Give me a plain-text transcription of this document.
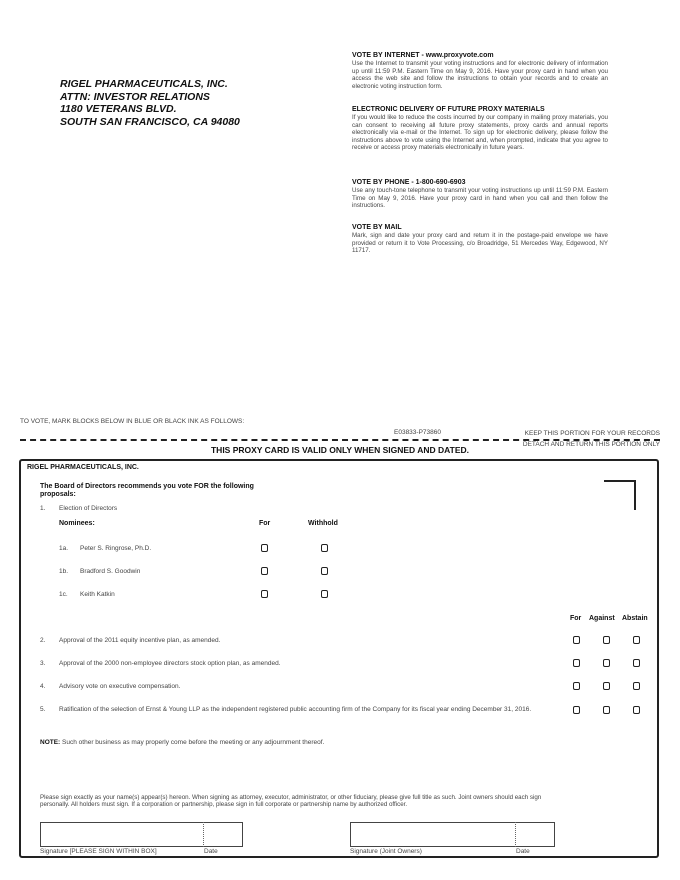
RIGEL PHARMACEUTICALS, INC.
ATTN: INVESTOR RELATIONS
1180 VETERANS BLVD.
SOUTH SAN FRANCISCO, CA 94080
VOTE BY INTERNET - www.proxyvote.com

Use the Internet to transmit your voting instructions and for electronic delivery of information up until 11:59 P.M. Eastern Time on May 9, 2016. Have your proxy card in hand when you access the web site and follow the instructions to obtain your records and to create an electronic voting instruction form.

ELECTRONIC DELIVERY OF FUTURE PROXY MATERIALS

If you would like to reduce the costs incurred by our company in mailing proxy materials, you can consent to receiving all future proxy statements, proxy cards and annual reports electronically via e-mail or the Internet. To sign up for electronic delivery, please follow the instructions above to vote using the Internet and, when prompted, indicate that you agree to receive or access proxy materials electronically in future years.

VOTE BY PHONE - 1-800-690-6903

Use any touch-tone telephone to transmit your voting instructions up until 11:59 P.M. Eastern Time on May 9, 2016. Have your proxy card in hand when you call and then follow the instructions.

VOTE BY MAIL

Mark, sign and date your proxy card and return it in the postage-paid envelope we have provided or return it to Vote Processing, c/o Broadridge, 51 Mercedes Way, Edgewood, NY 11717.

TO VOTE, MARK BLOCKS BELOW IN BLUE OR BLACK INK AS FOLLOWS:
E03833-P73860	KEEP THIS PORTION FOR YOUR RECORDS
DETACH AND RETURN THIS PORTION ONLY
THIS PROXY CARD IS VALID ONLY WHEN SIGNED AND DATED.
RIGEL PHARMACEUTICALS, INC.
The Board of Directors recommends you vote FOR the following proposals:
1. Election of Directors
Nominees:	For	Withhold
1a. Peter S. Ringrose, Ph.D.
1b. Bradford S. Goodwin
1c. Keith Katkin
For Against Abstain
2. Approval of the 2011 equity incentive plan, as amended.
3. Approval of the 2000 non-employee directors stock option plan, as amended.
4. Advisory vote on executive compensation.
5. Ratification of the selection of Ernst & Young LLP as the independent registered public accounting firm of the Company for its fiscal year ending December 31, 2016.
NOTE: Such other business as may properly come before the meeting or any adjournment thereof.
Please sign exactly as your name(s) appear(s) hereon. When signing as attorney, executor, administrator, or other fiduciary, please give full title as such. Joint owners should each sign personally. All holders must sign. If a corporation or partnership, please sign in full corporate or partnership name by authorized officer.
Signature [PLEASE SIGN WITHIN BOX]	Date	Signature (Joint Owners)	Date
